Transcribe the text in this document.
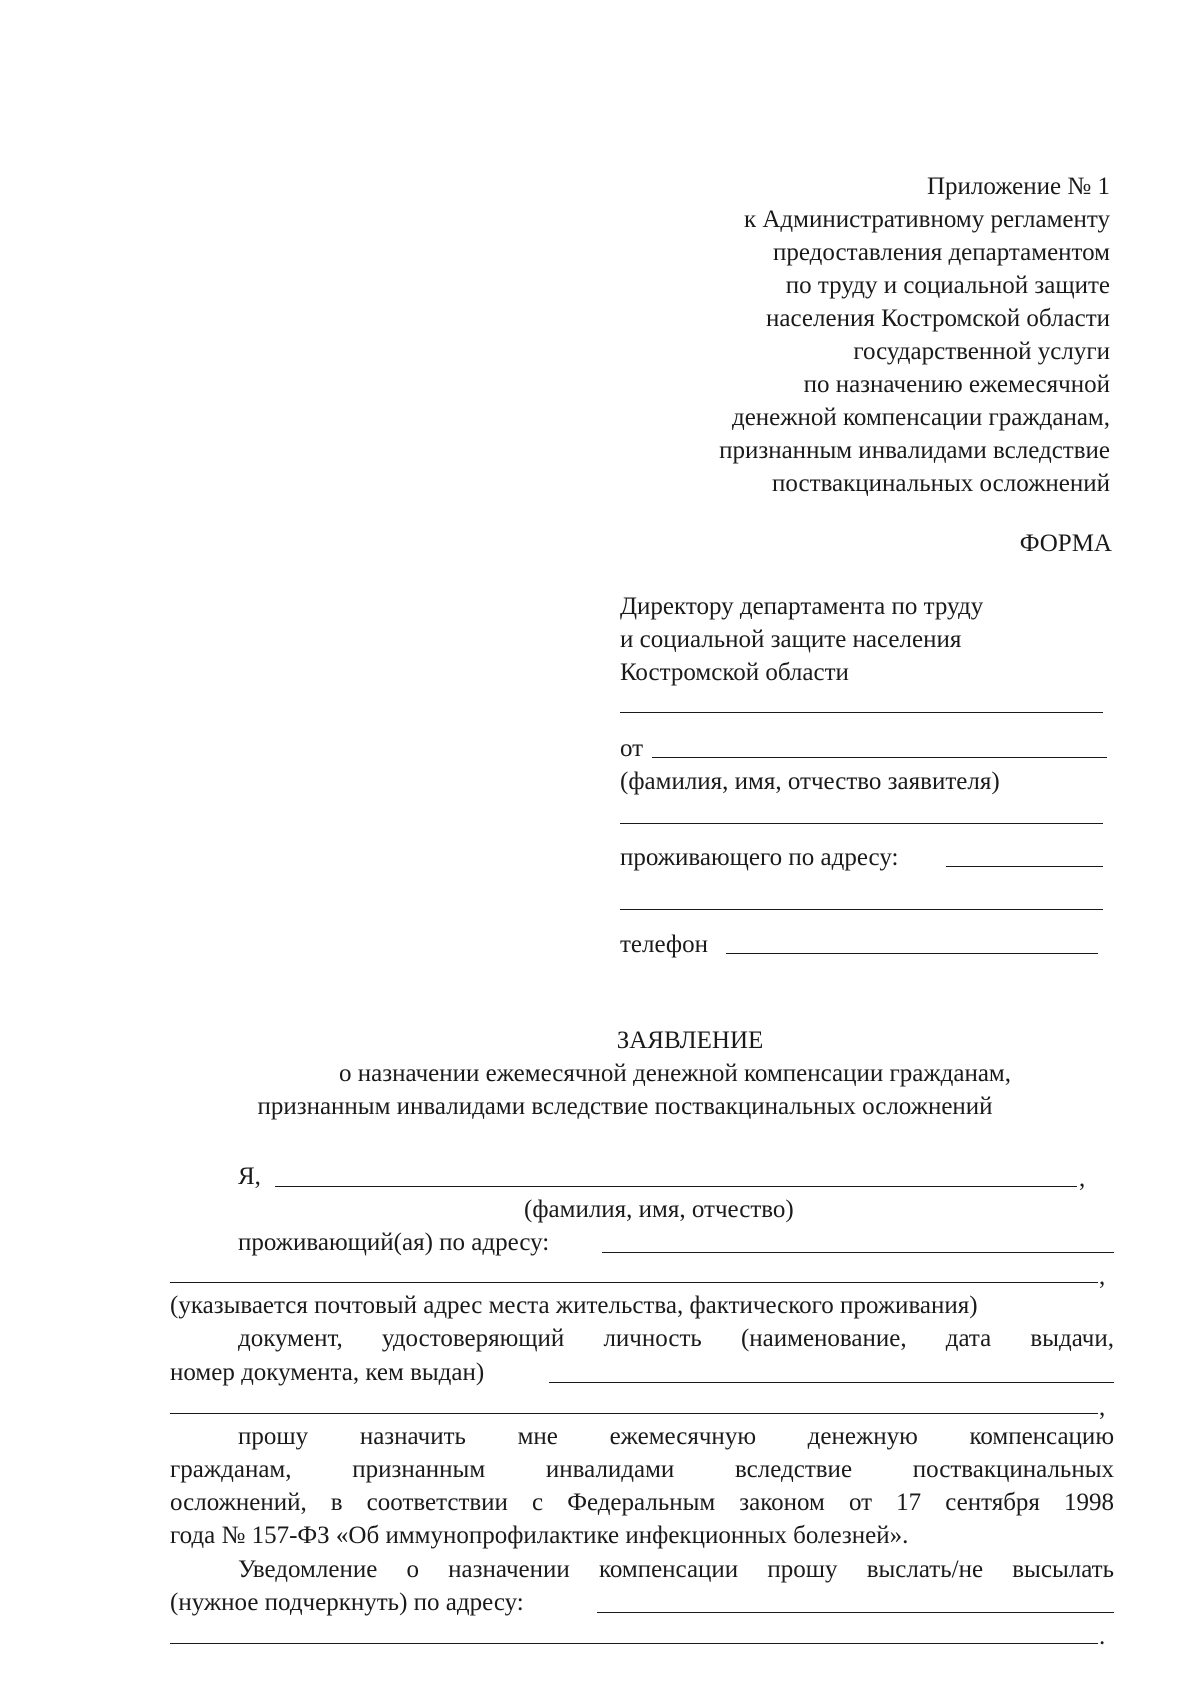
Приложение № 1
к Административному регламенту
предоставления департаментом
по труду и социальной защите
населения Костромской области
государственной услуги
по назначению ежемесячной
денежной компенсации гражданам,
признанным инвалидами вследствие
поствакцинальных осложнений
ФОРМА
Директору департамента по труду
и социальной защите населения
Костромской области
от
(фамилия, имя, отчество заявителя)
проживающего по адресу:
телефон
ЗАЯВЛЕНИЕ
о назначении ежемесячной денежной компенсации гражданам,
признанным инвалидами вследствие поствакцинальных осложнений
Я,	,
(фамилия, имя, отчество)
проживающий(ая) по адресу:
,
(указывается почтовый адрес места жительства, фактического проживания)
документ, удостоверяющий личность (наименование, дата выдачи,
номер документа, кем выдан)
,
прошу назначить мне ежемесячную денежную компенсацию
гражданам, признанным инвалидами вследствие поствакцинальных
осложнений, в соответствии с Федеральным законом от 17 сентября 1998
года № 157-ФЗ «Об иммунопрофилактике инфекционных болезней».
Уведомление о назначении компенсации прошу выслать/не высылать
(нужное подчеркнуть) по адресу:
.
